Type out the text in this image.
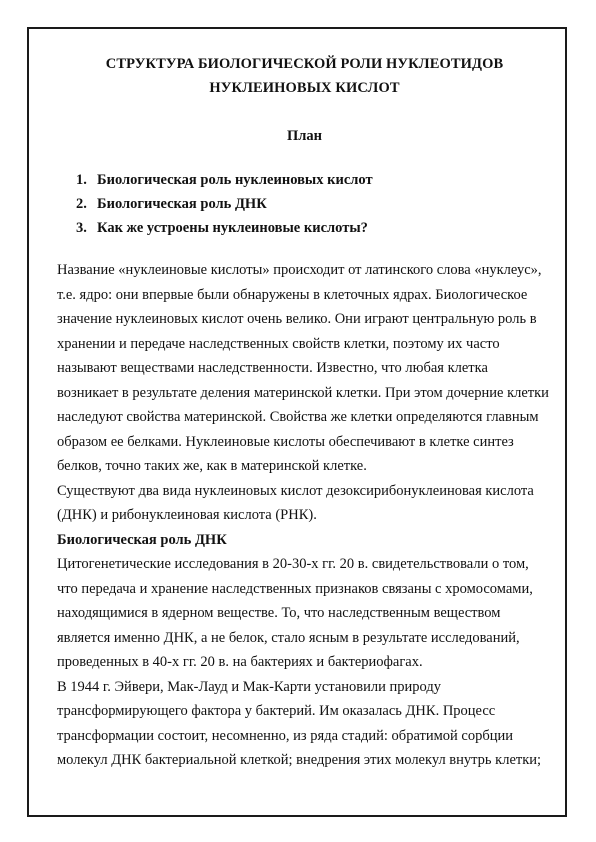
СТРУКТУРА БИОЛОГИЧЕСКОЙ РОЛИ НУКЛЕОТИДОВ

НУКЛЕИНОВЫХ КИСЛОТ

План

1. Биологическая роль нуклеиновых кислот
2. Биологическая роль ДНК
3. Как же устроены нуклеиновые кислоты?

Название «нуклеиновые кислоты» происходит от латинского слова «нуклеус», т.е. ядро: они впервые были обнаружены в клеточных ядрах. Биологическое значение нуклеиновых кислот очень велико. Они играют центральную роль в хранении и передаче наследственных свойств клетки, поэтому их часто называют веществами наследственности. Известно, что любая клетка возникает в результате деления материнской клетки. При этом дочерние клетки наследуют свойства материнской. Свойства же клетки определяются главным образом ее белками. Нуклеиновые кислоты обеспечивают в клетке синтез белков, точно таких же, как в материнской клетке.

Существуют два вида нуклеиновых кислот дезоксирибонуклеиновая кислота (ДНК) и рибонуклеиновая кислота (РНК).

Биологическая роль ДНК

Цитогенетические исследования в 20-30-х гг. 20 в. свидетельствовали о том, что передача и хранение наследственных признаков связаны с хромосомами, находящимися в ядерном веществе. То, что наследственным веществом является именно ДНК, а не белок, стало ясным в результате исследований, проведенных в 40-х гг. 20 в. на бактериях и бактериофагах.

В 1944 г. Эйвери, Мак-Лауд и Мак-Карти установили природу трансформирующего фактора у бактерий. Им оказалась ДНК. Процесс трансформации состоит, несомненно, из ряда стадий: обратимой сорбции молекул ДНК бактериальной клеткой; внедрения этих молекул внутрь клетки;
